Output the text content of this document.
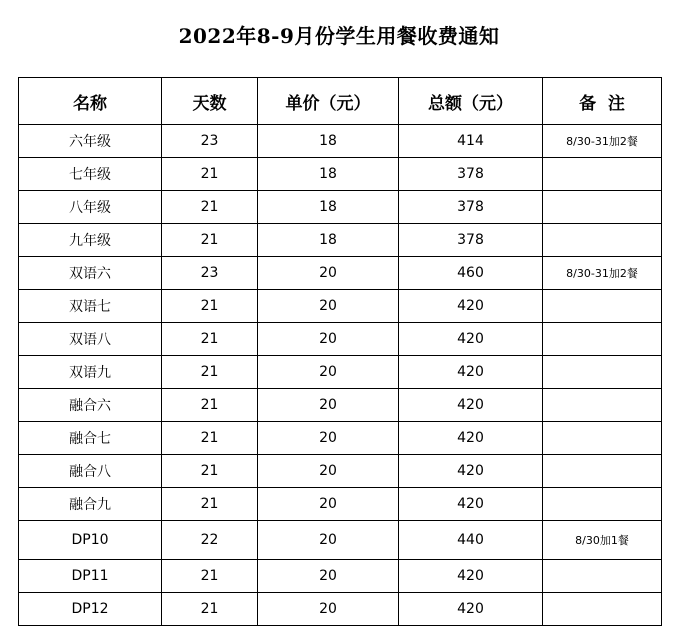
2022年8-9月份学生用餐收费通知
名称	天数	单价（元）	总额（元）	备  注
六年级	23	18	414	8/30-31加2餐
七年级	21	18	378	
八年级	21	18	378	
九年级	21	18	378	
双语六	23	20	460	8/30-31加2餐
双语七	21	20	420	
双语八	21	20	420	
双语九	21	20	420	
融合六	21	20	420	
融合七	21	20	420	
融合八	21	20	420	
融合九	21	20	420	
DP10	22	20	440	8/30加1餐
DP11	21	20	420	
DP12	21	20	420	
